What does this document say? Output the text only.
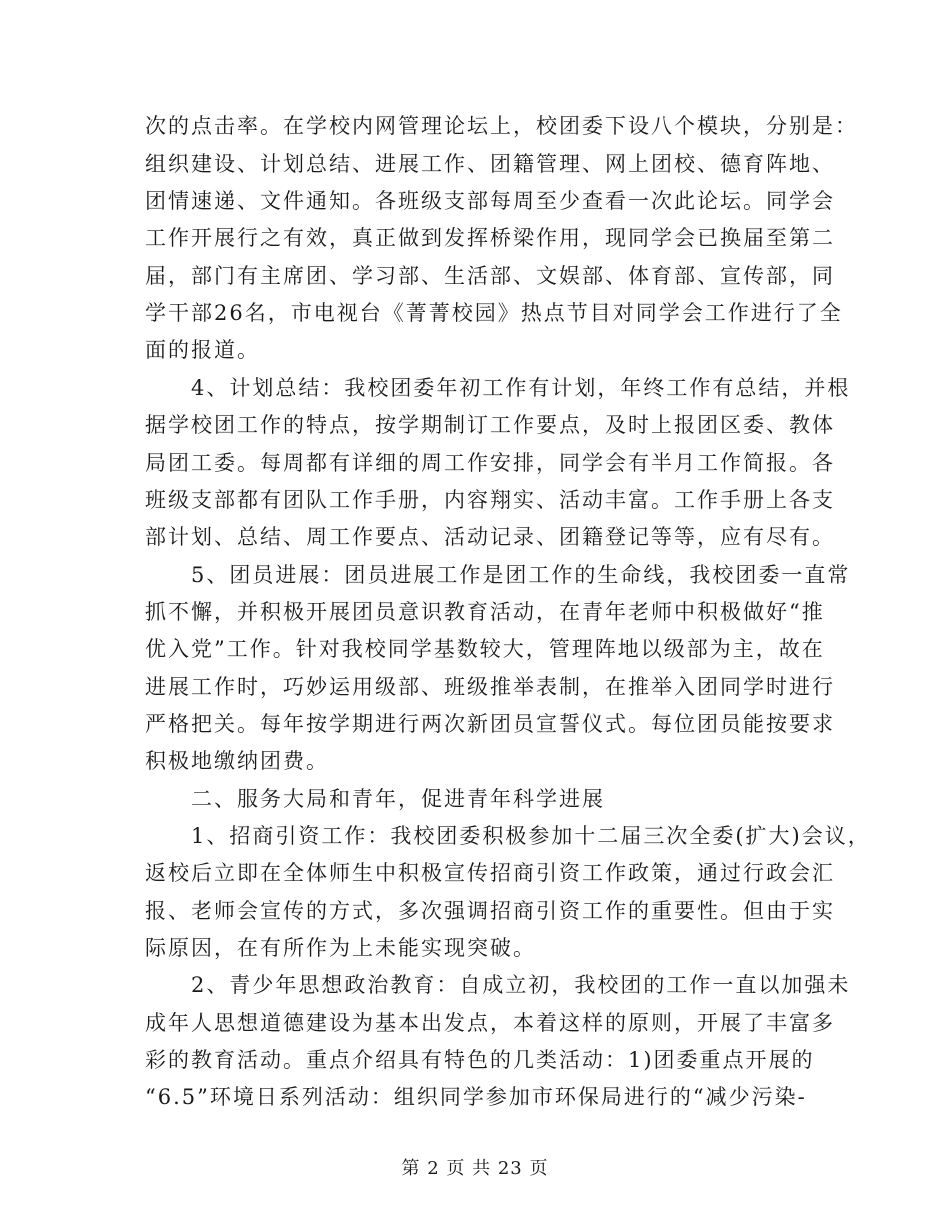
次的点击率。在学校内网管理论坛上，校团委下设八个模块，分别是：
组织建设、计划总结、进展工作、团籍管理、网上团校、德育阵地、
团情速递、文件通知。各班级支部每周至少查看一次此论坛。同学会
工作开展行之有效，真正做到发挥桥梁作用，现同学会已换届至第二
届，部门有主席团、学习部、生活部、文娱部、体育部、宣传部，同
学干部26名，市电视台《菁菁校园》热点节目对同学会工作进行了全
面的报道。
　　4、计划总结：我校团委年初工作有计划，年终工作有总结，并根
据学校团工作的特点，按学期制订工作要点，及时上报团区委、教体
局团工委。每周都有详细的周工作安排，同学会有半月工作简报。各
班级支部都有团队工作手册，内容翔实、活动丰富。工作手册上各支
部计划、总结、周工作要点、活动记录、团籍登记等等，应有尽有。
　　5、团员进展：团员进展工作是团工作的生命线，我校团委一直常
抓不懈，并积极开展团员意识教育活动，在青年老师中积极做好“推
优入党”工作。针对我校同学基数较大，管理阵地以级部为主，故在
进展工作时，巧妙运用级部、班级推举表制，在推举入团同学时进行
严格把关。每年按学期进行两次新团员宣誓仪式。每位团员能按要求
积极地缴纳团费。
　　二、服务大局和青年，促进青年科学进展
　　1、招商引资工作：我校团委积极参加十二届三次全委(扩大)会议，
返校后立即在全体师生中积极宣传招商引资工作政策，通过行政会汇
报、老师会宣传的方式，多次强调招商引资工作的重要性。但由于实
际原因，在有所作为上未能实现突破。
　　2、青少年思想政治教育：自成立初，我校团的工作一直以加强未
成年人思想道德建设为基本出发点，本着这样的原则，开展了丰富多
彩的教育活动。重点介绍具有特色的几类活动：1)团委重点开展的
“6.5”环境日系列活动：组织同学参加市环保局进行的“减少污染-
第 2 页 共 23 页
